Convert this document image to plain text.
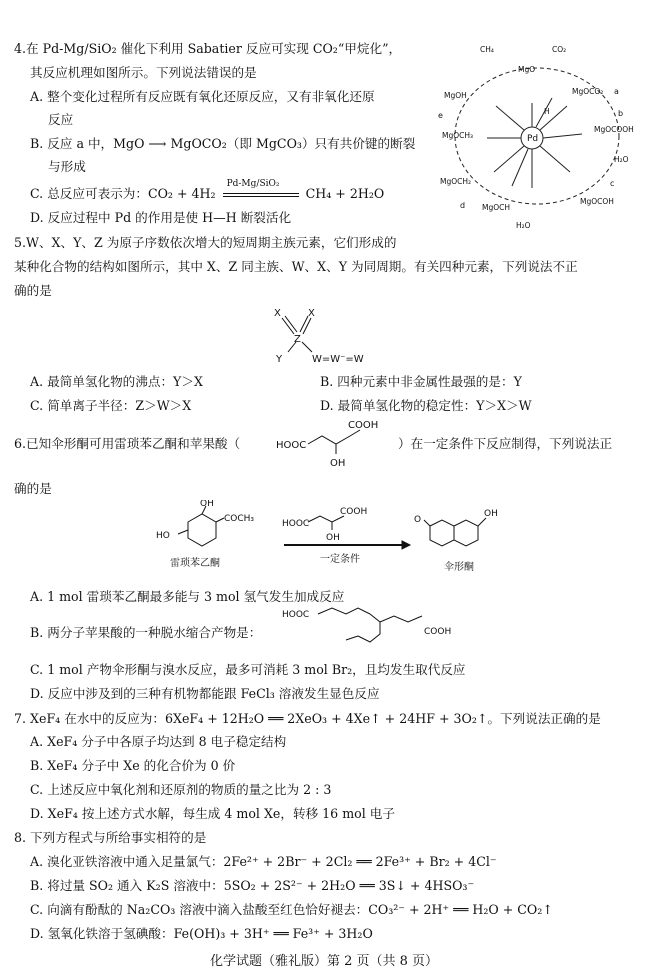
4.在 Pd-Mg/SiO₂ 催化下利用 Sabatier 反应可实现 CO₂“甲烷化”，
其反应机理如图所示。下列说法错误的是
A. 整个变化过程所有反应既有氧化还原反应，又有非氧化还原
反应
B. 反应 a 中，MgO ⟶ MgOCO₂（即 MgCO₃）只有共价键的断裂
与形成
C. 总反应可表示为：CO₂ + 4H₂
Pd-Mg/SiO₂
CH₄ + 2H₂O
D. 反应过程中 Pd 的作用是使 H—H 断裂活化
Pd
CH₄	CO₂
MgO
MgOCO₂
MgOCOOH
MgOCOH
MgOCH
MgOCH₂
MgOCH₃
MgOH
H₂O
H₂O
H
a
b
c
d
e
5.W、X、Y、Z 为原子序数依次增大的短周期主族元素，它们形成的
某种化合物的结构如图所示，其中 X、Z 同主族、W、X、Y 为同周期。有关四种元素，下列说法不正
确的是
X	X
Z
Y	W=W⁻=W
A. 最简单氢化物的沸点：Y＞X	B. 四种元素中非金属性最强的是：Y
C. 简单离子半径：Z＞W＞X	D. 最简单氢化物的稳定性：Y＞X＞W
6.已知伞形酮可用雷琐苯乙酮和苹果酸（	HOOC
COOH
OH
）在一定条件下反应制得，下列说法正
确的是
OH
HO
COCH₃
雷琐苯乙酮
HOOC
COOH
OH
一定条件
O
OH
伞形酮
A. 1 mol 雷琐苯乙酮最多能与 3 mol 氢气发生加成反应
B. 两分子苹果酸的一种脱水缩合产物是：
HOOC
COOH
C. 1 mol 产物伞形酮与溴水反应，最多可消耗 3 mol Br₂，且均发生取代反应
D. 反应中涉及到的三种有机物都能跟 FeCl₃ 溶液发生显色反应
7. XeF₄ 在水中的反应为：6XeF₄ + 12H₂O ══ 2XeO₃ + 4Xe↑ + 24HF + 3O₂↑。下列说法正确的是
A. XeF₄ 分子中各原子均达到 8 电子稳定结构
B. XeF₄ 分子中 Xe 的化合价为 0 价
C. 上述反应中氧化剂和还原剂的物质的量之比为 2 : 3
D. XeF₄ 按上述方式水解，每生成 4 mol Xe，转移 16 mol 电子
8. 下列方程式与所给事实相符的是
A. 溴化亚铁溶液中通入足量氯气：2Fe²⁺ + 2Br⁻ + 2Cl₂ ══ 2Fe³⁺ + Br₂ + 4Cl⁻
B. 将过量 SO₂ 通入 K₂S 溶液中：5SO₂ + 2S²⁻ + 2H₂O ══ 3S↓ + 4HSO₃⁻
C. 向滴有酚酞的 Na₂CO₃ 溶液中滴入盐酸至红色恰好褪去：CO₃²⁻ + 2H⁺ ══ H₂O + CO₂↑
D. 氢氧化铁溶于氢碘酸：Fe(OH)₃ + 3H⁺ ══ Fe³⁺ + 3H₂O
化学试题（雅礼版）第 2 页（共 8 页）
